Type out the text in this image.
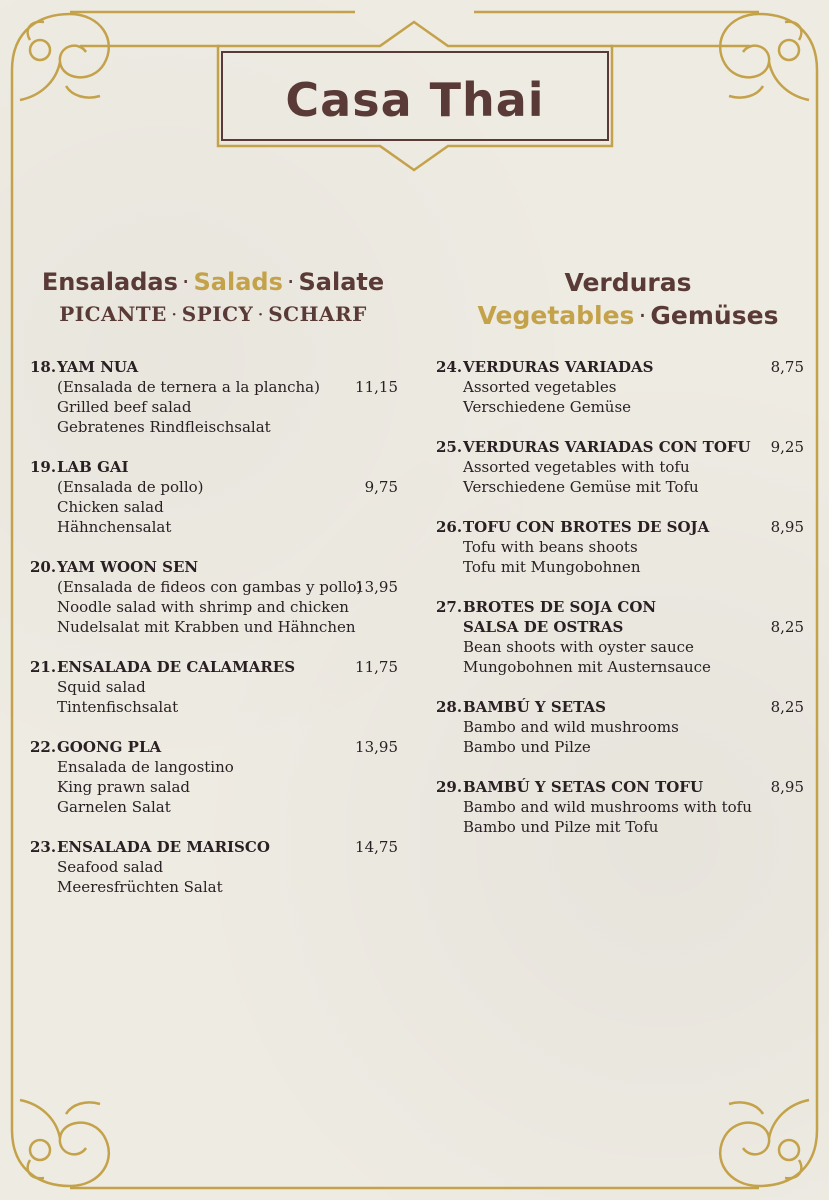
Casa Thai
Ensaladas · Salads · Salate
PICANTE · SPICY · SCHARF
Verduras
Vegetables · Gemüses
18. YAM NUA
(Ensalada de ternera a la plancha)
Grilled beef salad
Gebratenes Rindfleischsalat
11,15
19. LAB GAI
(Ensalada de pollo)
Chicken salad
Hähnchensalat
9,75
20. YAM WOON SEN
(Ensalada de fideos con gambas y pollo)
Noodle salad with shrimp and chicken
Nudelsalat mit Krabben und Hähnchen
13,95
21. ENSALADA DE CALAMARES
Squid salad
Tintenfischsalat
11,75
22. GOONG PLA
Ensalada de langostino
King prawn salad
Garnelen Salat
13,95
23. ENSALADA DE MARISCO
Seafood salad
Meeresfrüchten Salat
14,75
24. VERDURAS VARIADAS
Assorted vegetables
Verschiedene Gemüse
8,75
25. VERDURAS VARIADAS CON TOFU
Assorted vegetables with tofu
Verschiedene Gemüse mit Tofu
9,25
26. TOFU CON BROTES DE SOJA
Tofu with beans shoots
Tofu mit Mungobohnen
8,95
27. BROTES DE SOJA CON
SALSA DE OSTRAS
Bean shoots with oyster sauce
Mungobohnen mit Austernsauce
8,25
28. BAMBÚ Y SETAS
Bambo and wild mushrooms
Bambo und Pilze
8,25
29. BAMBÚ Y SETAS CON TOFU
Bambo and wild mushrooms with tofu
Bambo und Pilze mit Tofu
8,95
